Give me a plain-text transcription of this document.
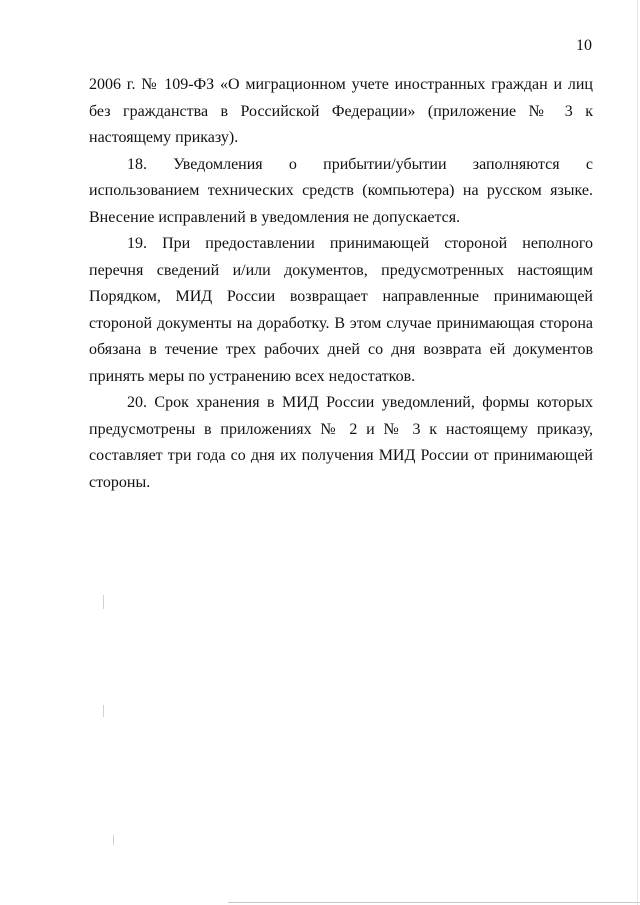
10

2006 г. № 109-ФЗ «О миграционном учете иностранных граждан и лиц без гражданства в Российской Федерации» (приложение № 3 к настоящему приказу).

18. Уведомления о прибытии/убытии заполняются с использованием технических средств (компьютера) на русском языке. Внесение исправлений в уведомления не допускается.

19. При предоставлении принимающей стороной неполного перечня сведений и/или документов, предусмотренных настоящим Порядком, МИД России возвращает направленные принимающей стороной документы на доработку. В этом случае принимающая сторона обязана в течение трех рабочих дней со дня возврата ей документов принять меры по устранению всех недостатков.

20. Срок хранения в МИД России уведомлений, формы которых предусмотрены в приложениях № 2 и № 3 к настоящему приказу, составляет три года со дня их получения МИД России от принимающей стороны.
